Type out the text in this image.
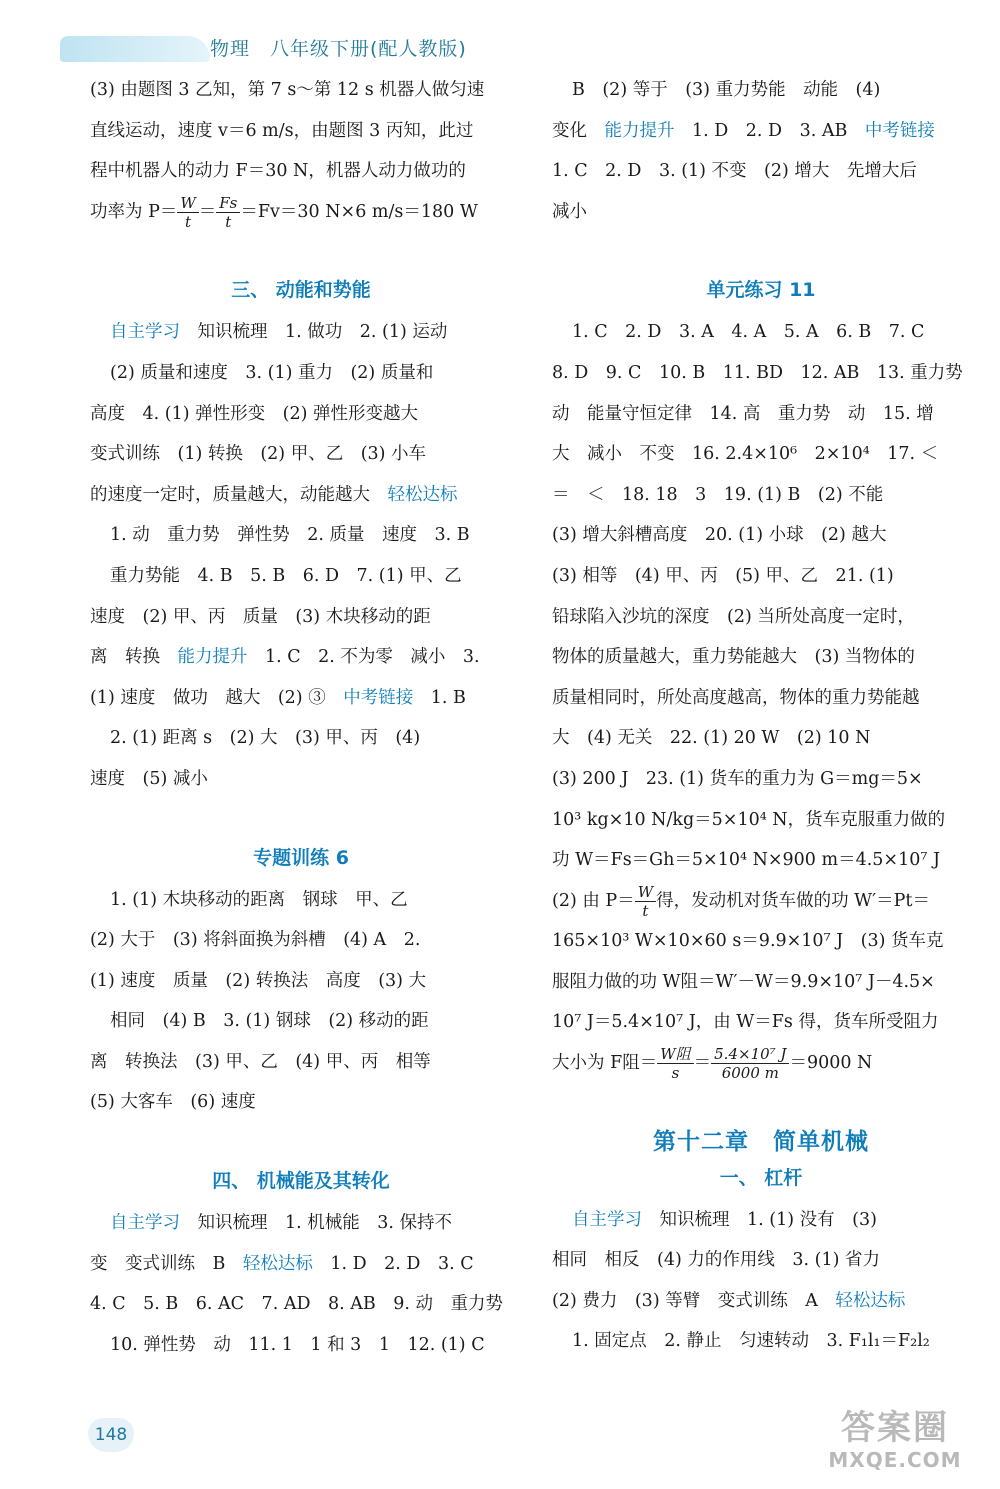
物理　八年级下册(配人教版)
(3) 由题图 3 乙知，第 7 s～第 12 s 机器人做匀速
直线运动，速度 v＝6 m/s，由题图 3 丙知，此过
程中机器人的动力 F＝30 N，机器人动力做功的
功率为 $P= \frac{W}{t} = \frac{Fs}{t} =Fv=30$ N×6 m/s＝180 W
三、 动能和势能
自主学习　 知识梳理　1. 做功　2. (1) 运动
(2) 质量和速度　3. (1) 重力　(2) 质量和
高度　4. (1) 弹性形变　(2) 弹性形变越大
变式训练　(1) 转换　(2) 甲、乙　(3) 小车
的速度一定时，质量越大，动能越大　 轻松达标
1. 动　重力势　弹性势　2. 质量　速度　3. B
重力势能　4. B　5. B　6. D　7. (1) 甲、乙
速度　(2) 甲、丙　质量　(3) 木块移动的距
离　转换　 能力提升　 1. C　2. 不为零　减小　3.
(1) 速度　做功　越大　(2) ③　 中考链接　 1. B
2. (1) 距离 s　(2) 大　(3) 甲、丙　(4)
速度　(5) 减小
专题训练 6
1. (1) 木块移动的距离　钢球　甲、乙
(2) 大于　(3) 将斜面换为斜槽　(4) A　2.
(1) 速度　质量　(2) 转换法　高度　(3) 大
相同　(4) B　3. (1) 钢球　(2) 移动的距
离　转换法　(3) 甲、乙　(4) 甲、丙　相等
(5) 大客车　(6) 速度
四、 机械能及其转化
自主学习　 知识梳理　1. 机械能　3. 保持不
变　变式训练　B　 轻松达标　 1. D　2. D　3. C
4. C　5. B　6. AC　7. AD　8. AB　9. 动　重力势
10. 弹性势　动　11. 1　1 和 3　1　12. (1) C
B　(2) 等于　(3) 重力势能　动能　(4)
变化　 能力提升　 1. D　2. D　3. AB　 中考链接
1. C　2. D　3. (1) 不变　(2) 增大　先增大后
减小
单元练习 11
1. C　2. D　3. A　4. A　5. A　6. B　7. C
8. D　9. C　10. B　11. BD　12. AB　13. 重力势
动　能量守恒定律　14. 高　重力势　动　15. 增
大　减小　不变　16. 2.4×10⁶　2×10⁴　17. ＜
＝　＜　18. 18　3　19. (1) B　(2) 不能
(3) 增大斜槽高度　20. (1) 小球　(2) 越大
(3) 相等　(4) 甲、丙　(5) 甲、乙　21. (1)
铅球陷入沙坑的深度　(2) 当所处高度一定时，
物体的质量越大，重力势能越大　(3) 当物体的
质量相同时，所处高度越高，物体的重力势能越
大　(4) 无关　22. (1) 20 W　(2) 10 N
(3) 200 J　23. (1) 货车的重力为 G＝mg＝5×
10³ kg×10 N/kg＝5×10⁴ N，货车克服重力做的
功 W＝Fs＝Gh＝5×10⁴ N×900 m＝4.5×10⁷ J
(2) 由 $P= \frac{W}{t}$ 得，发动机对货车做的功 W′＝Pt＝
165×10³ W×10×60 s＝9.9×10⁷ J　(3) 货车克
服阻力做的功 W阻＝W′－W＝9.9×10⁷ J－4.5×
10⁷ J＝5.4×10⁷ J，由 W＝Fs 得，货车所受阻力
大小为 F阻＝ $\frac{\text{W阻}}{s} = \frac{\text{5.4×10⁷ J}}{6000 m} =9000$ N
第十二章　简单机械
一、 杠杆
自主学习　 知识梳理　1. (1) 没有　(3)
相同　相反　(4) 力的作用线　3. (1) 省力
(2) 费力　(3) 等臂　变式训练　A　 轻松达标
1. 固定点　2. 静止　匀速转动　3. F₁l₁＝F₂l₂
148	答案圈
MXQE.COM
